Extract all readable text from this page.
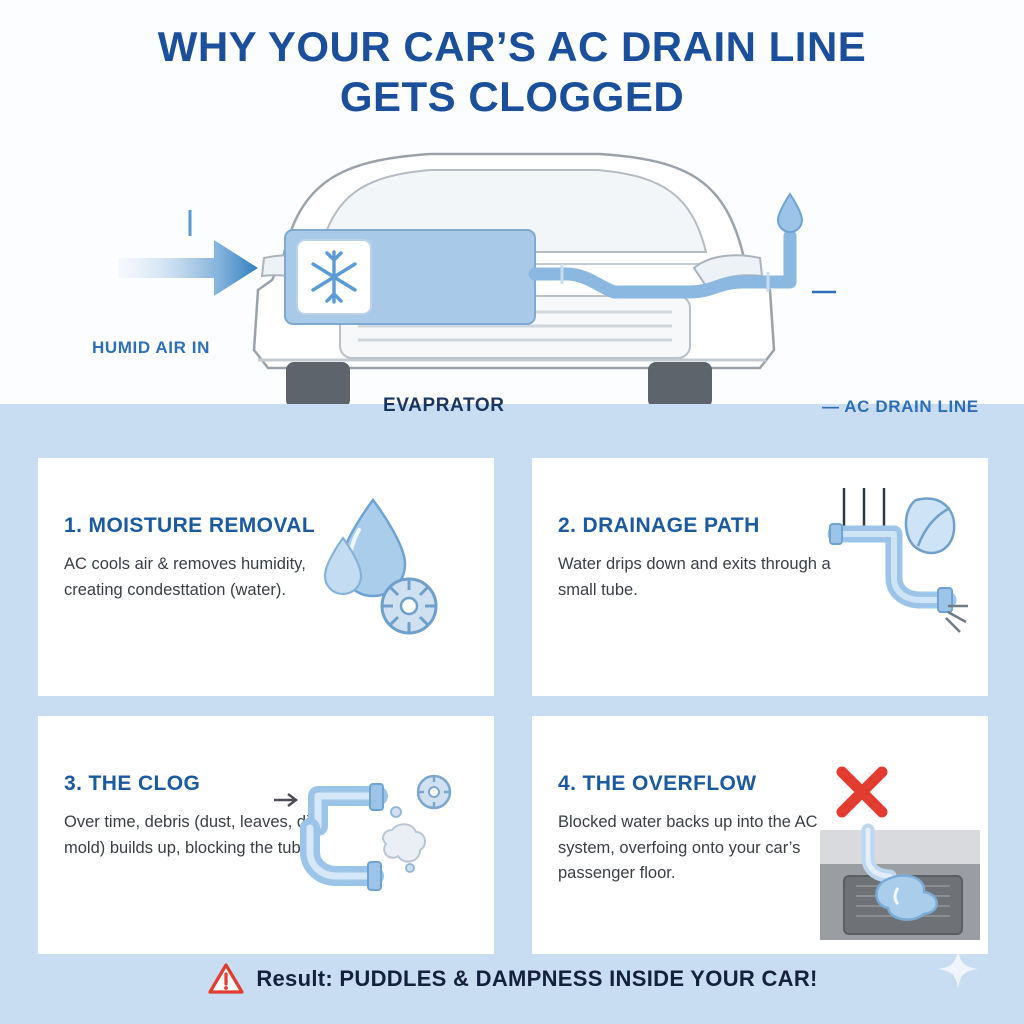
WHY YOUR CAR’S AC DRAIN LINE
GETS CLOGGED
HUMID AIR IN
EVAPRATOR	— AC DRAIN LINE
1. MOISTURE REMOVAL
AC cools air & removes humidity, creating condesttation (water).
2. DRAINAGE PATH
Water drips down and exits through a small tube.
3. THE CLOG
Over time, debris (dust, leaves, dirt, mold) builds up, blocking the tube.
4. THE OVERFLOW
Blocked water backs up into the AC system, overfoing onto your car’s passenger floor.
Result: PUDDLES & DAMPNESS INSIDE YOUR CAR!
